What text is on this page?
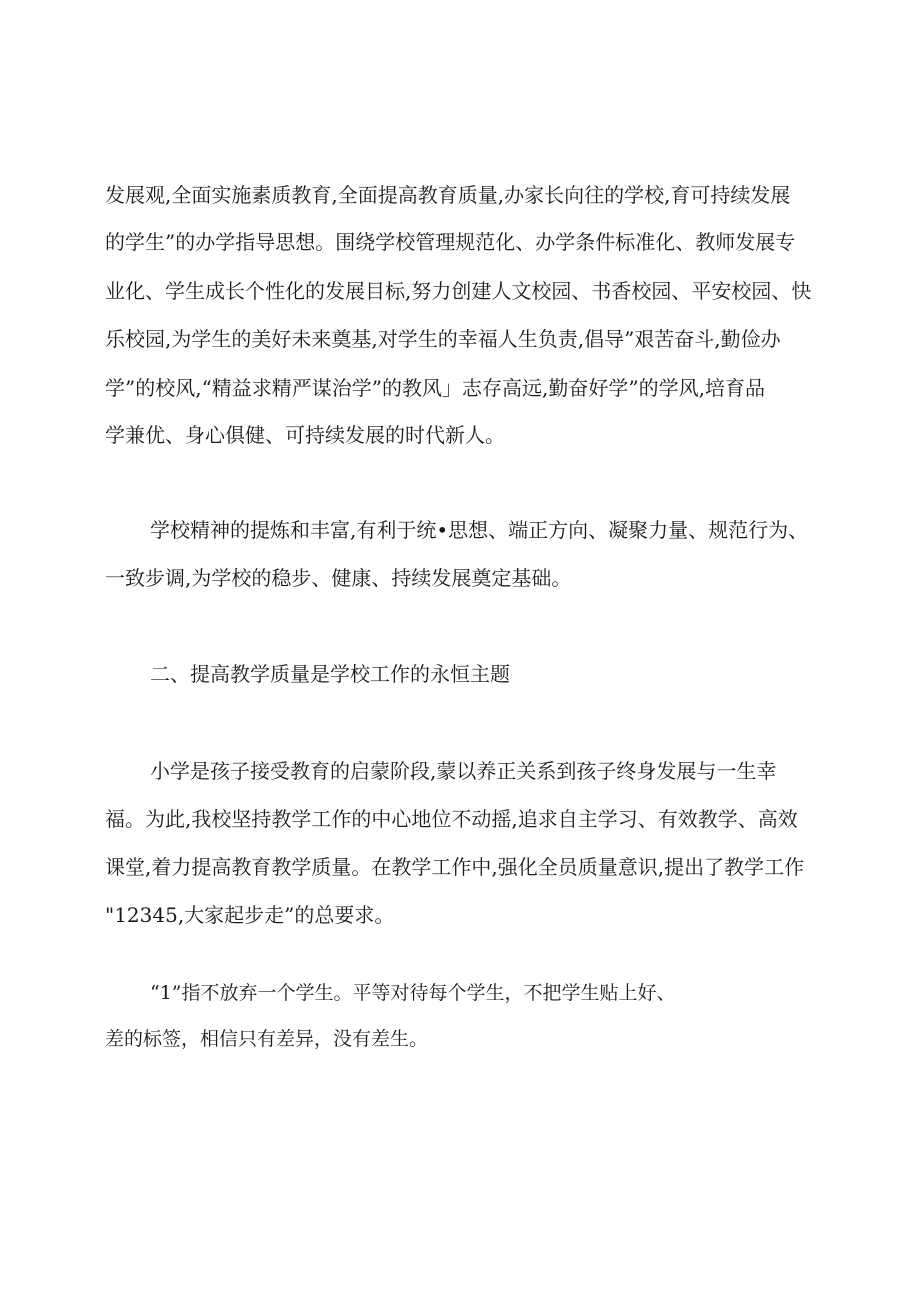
发展观,全面实施素质教育,全面提高教育质量,办家长向往的学校,育可持续发展
的学生”的办学指导思想。围绕学校管理规范化、办学条件标准化、教师发展专
业化、学生成长个性化的发展目标,努力创建人文校园、书香校园、平安校园、快
乐校园,为学生的美好未来奠基,对学生的幸福人生负责,倡导”艰苦奋斗,勤俭办
学”的校风,“精益求精严谋治学”的教风」志存高远,勤奋好学”的学风,培育品
学兼优、身心俱健、可持续发展的时代新人。
学校精神的提炼和丰富,有利于统•思想、端正方向、凝聚力量、规范行为、
一致步调,为学校的稳步、健康、持续发展奠定基础。
二、提高教学质量是学校工作的永恒主题
小学是孩子接受教育的启蒙阶段,蒙以养正关系到孩子终身发展与一生幸
福。为此,我校坚持教学工作的中心地位不动摇,追求自主学习、有效教学、高效
课堂,着力提高教育教学质量。在教学工作中,强化全员质量意识,提出了教学工作
"12345,大家起步走”的总要求。
“1”指不放弃一个学生。平等对待每个学生，不把学生贴上好、
差的标签，相信只有差异，没有差生。
